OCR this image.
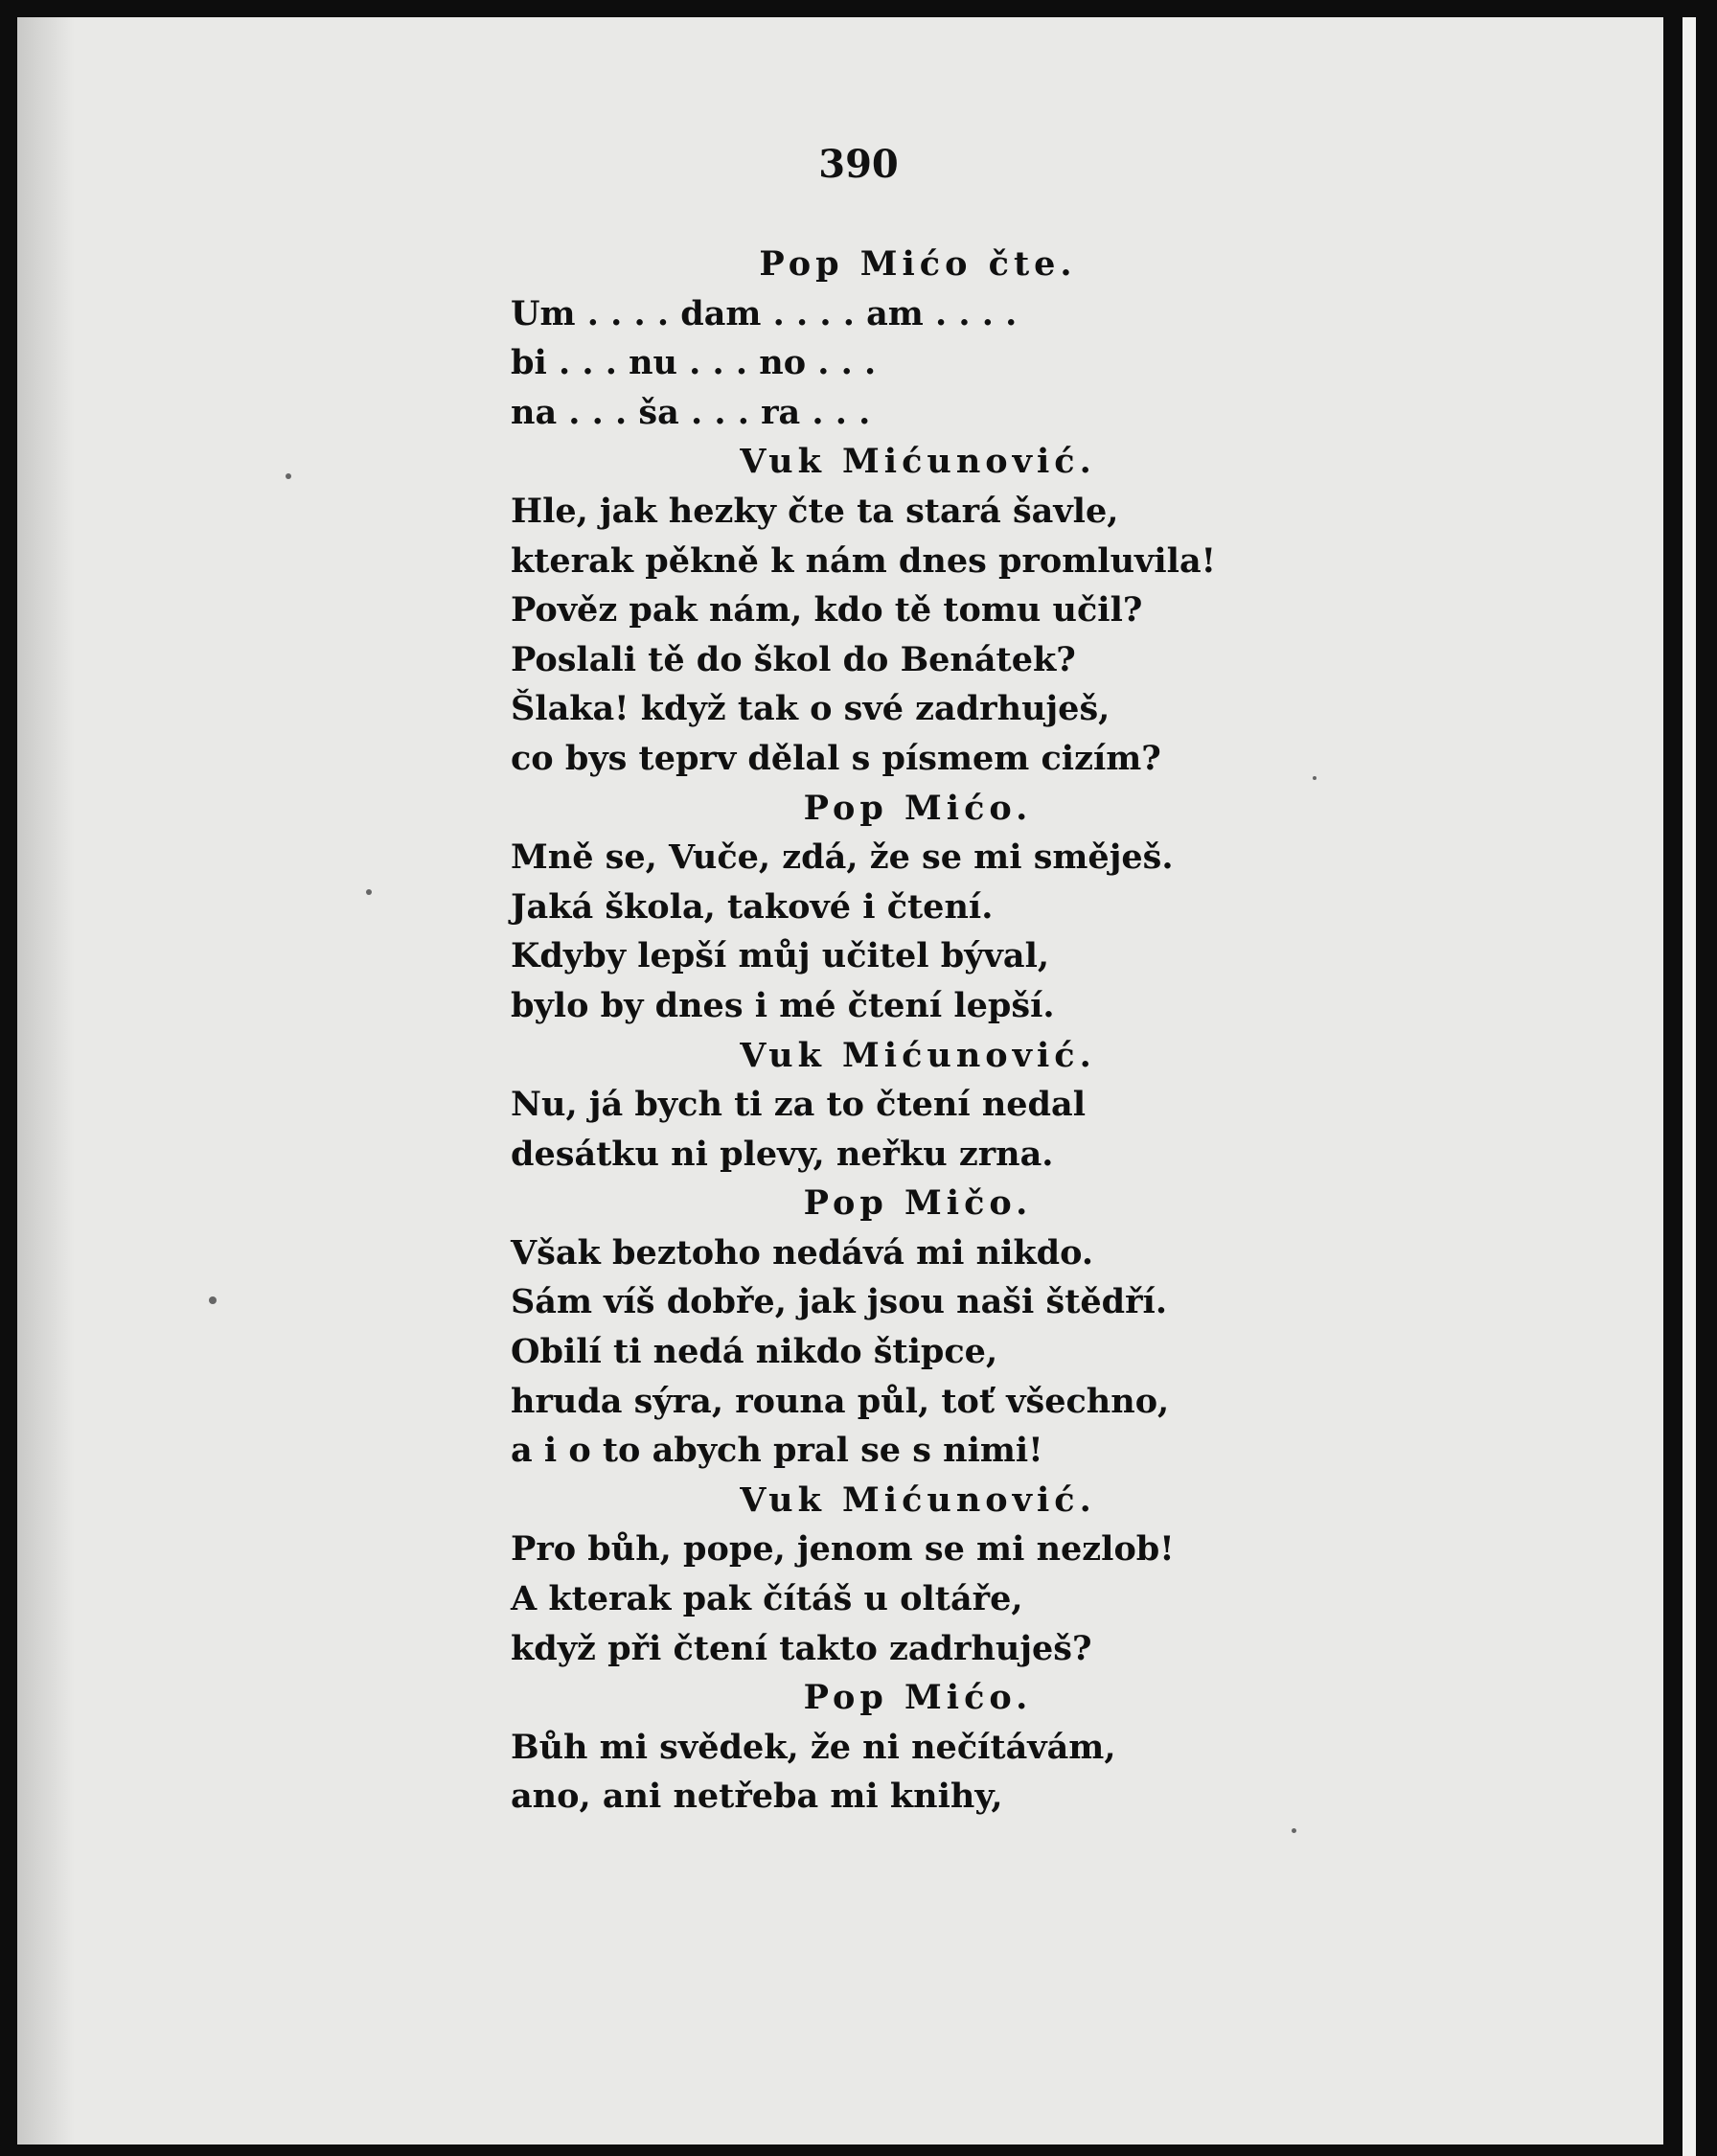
390
Pop Mićo čte.
Um . . . . dam . . . . am . . . .
bi . . . nu . . . no . . .
na . . . ša . . . ra . . .
Vuk Mićunović.
Hle, jak hezky čte ta stará šavle,
kterak pěkně k nám dnes promluvila!
Pověz pak nám, kdo tě tomu učil?
Poslali tě do škol do Benátek?
Šlaka! když tak o své zadrhuješ,
co bys teprv dělal s písmem cizím?
Pop Mićo.
Mně se, Vuče, zdá, že se mi směješ.
Jaká škola, takové i čtení.
Kdyby lepší můj učitel býval,
bylo by dnes i mé čtení lepší.
Vuk Mićunović.
Nu, já bych ti za to čtení nedal
desátku ni plevy, neřku zrna.
Pop Mičo.
Však beztoho nedává mi nikdo.
Sám víš dobře, jak jsou naši štědří.
Obilí ti nedá nikdo štipce,
hruda sýra, rouna půl, toť všechno,
a i o to abych pral se s nimi!
Vuk Mićunović.
Pro bůh, pope, jenom se mi nezlob!
A kterak pak čítáš u oltáře,
když při čtení takto zadrhuješ?
Pop Mićo.
Bůh mi svědek, že ni nečítávám,
ano, ani netřeba mi knihy,
